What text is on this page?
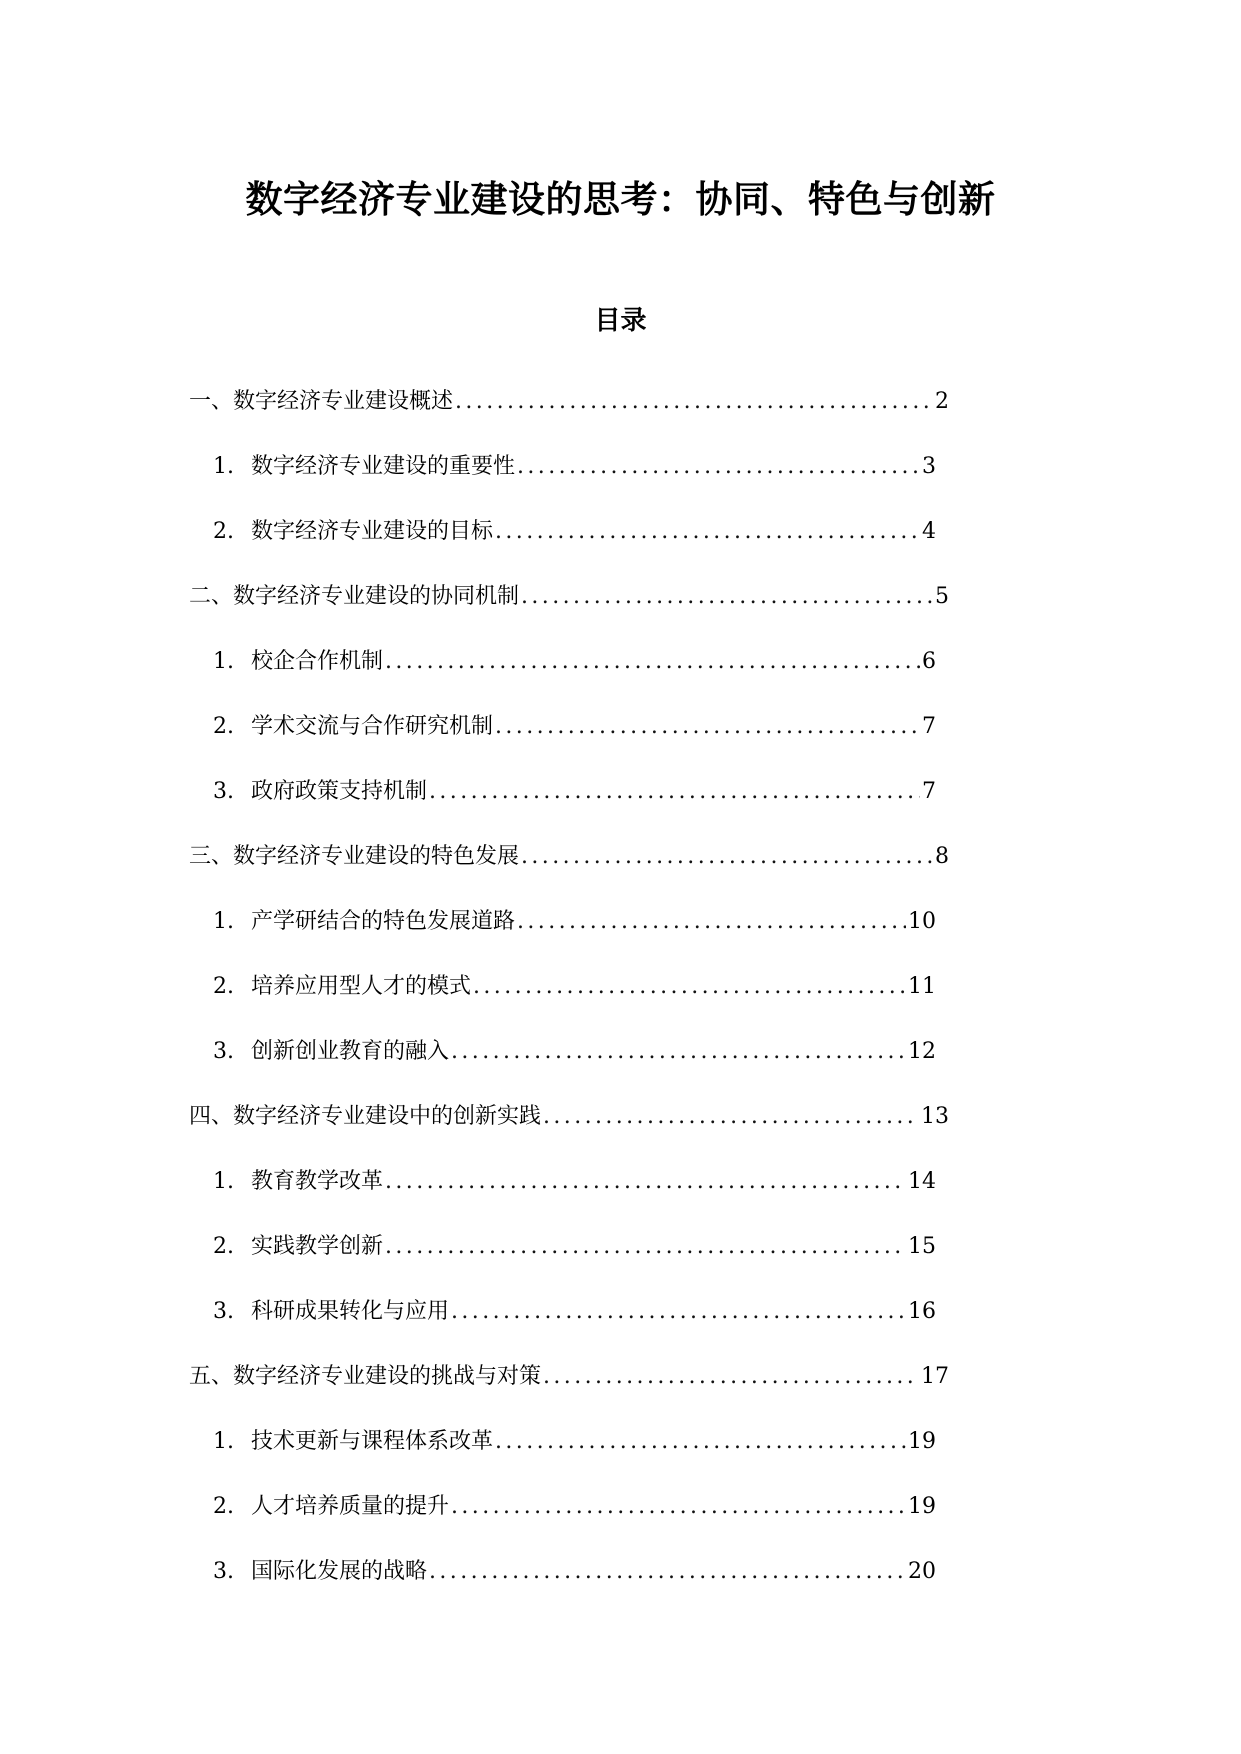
数字经济专业建设的思考：协同、特色与创新
目录
一、数字经济专业建设概述 .....	2
1. 数字经济专业建设的重要性 .....	3
2. 数字经济专业建设的目标 .....	4
二、数字经济专业建设的协同机制 .....	5
1. 校企合作机制 .....	6
2. 学术交流与合作研究机制 .....	7
3. 政府政策支持机制 .....	7
三、数字经济专业建设的特色发展 .....	8
1. 产学研结合的特色发展道路 .....	10
2. 培养应用型人才的模式 .....	11
3. 创新创业教育的融入 .....	12
四、数字经济专业建设中的创新实践 .....	13
1. 教育教学改革 .....	14
2. 实践教学创新 .....	15
3. 科研成果转化与应用 .....	16
五、数字经济专业建设的挑战与对策 .....	17
1. 技术更新与课程体系改革 .....	19
2. 人才培养质量的提升 .....	19
3. 国际化发展的战略 .....	20
